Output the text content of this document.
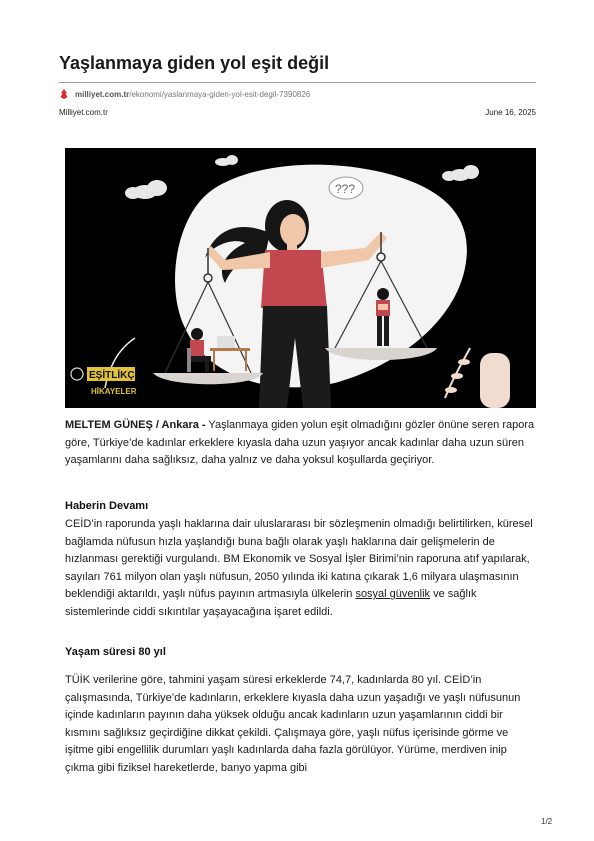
Yaşlanmaya giden yol eşit değil
milliyet.com.tr /ekonomi/yaslanmaya-giden-yol-esit-degil-7390826
Milliyet.com.tr	June 16, 2025
???
EŞİTLİKÇİ
HİKAYELER

MELTEM GÜNEŞ / Ankara - Yaşlanmaya giden yolun eşit olmadığını gözler önüne seren rapora göre, Türkiye’de kadınlar erkeklere kıyasla daha uzun yaşıyor ancak kadınlar daha uzun süren yaşamlarını daha sağlıksız, daha yalnız ve daha yoksul koşullarda geçiriyor.

Haberin Devamı

CEİD’in raporunda yaşlı haklarına dair uluslararası bir sözleşmenin olmadığı belirtilirken, küresel bağlamda nüfusun hızla yaşlandığı buna bağlı olarak yaşlı haklarına dair gelişmelerin de hızlanması gerektiği vurgulandı. BM Ekonomik ve Sosyal İşler Birimi’nin raporuna atıf yapılarak, sayıları 761 milyon olan yaşlı nüfusun, 2050 yılında iki katına çıkarak 1,6 milyara ulaşmasının beklendiği aktarıldı, yaşlı nüfus payının artmasıyla ülkelerin sosyal güvenlik ve sağlık sistemlerinde ciddi sıkıntılar yaşayacağına işaret edildi.

Yaşam süresi 80 yıl

TÜİK verilerine göre, tahmini yaşam süresi erkeklerde 74,7, kadınlarda 80 yıl. CEİD’in çalışmasında, Türkiye’de kadınların, erkeklere kıyasla daha uzun yaşadığı ve yaşlı nüfusunun içinde kadınların payının daha yüksek olduğu ancak kadınların uzun yaşamlarının ciddi bir kısmını sağlıksız geçirdiğine dikkat çekildi. Çalışmaya göre, yaşlı nüfus içerisinde görme ve işitme gibi engellilik durumları yaşlı kadınlarda daha fazla görülüyor. Yürüme, merdiven inip çıkma gibi fiziksel hareketlerde, banyo yapma gibi

1/2
